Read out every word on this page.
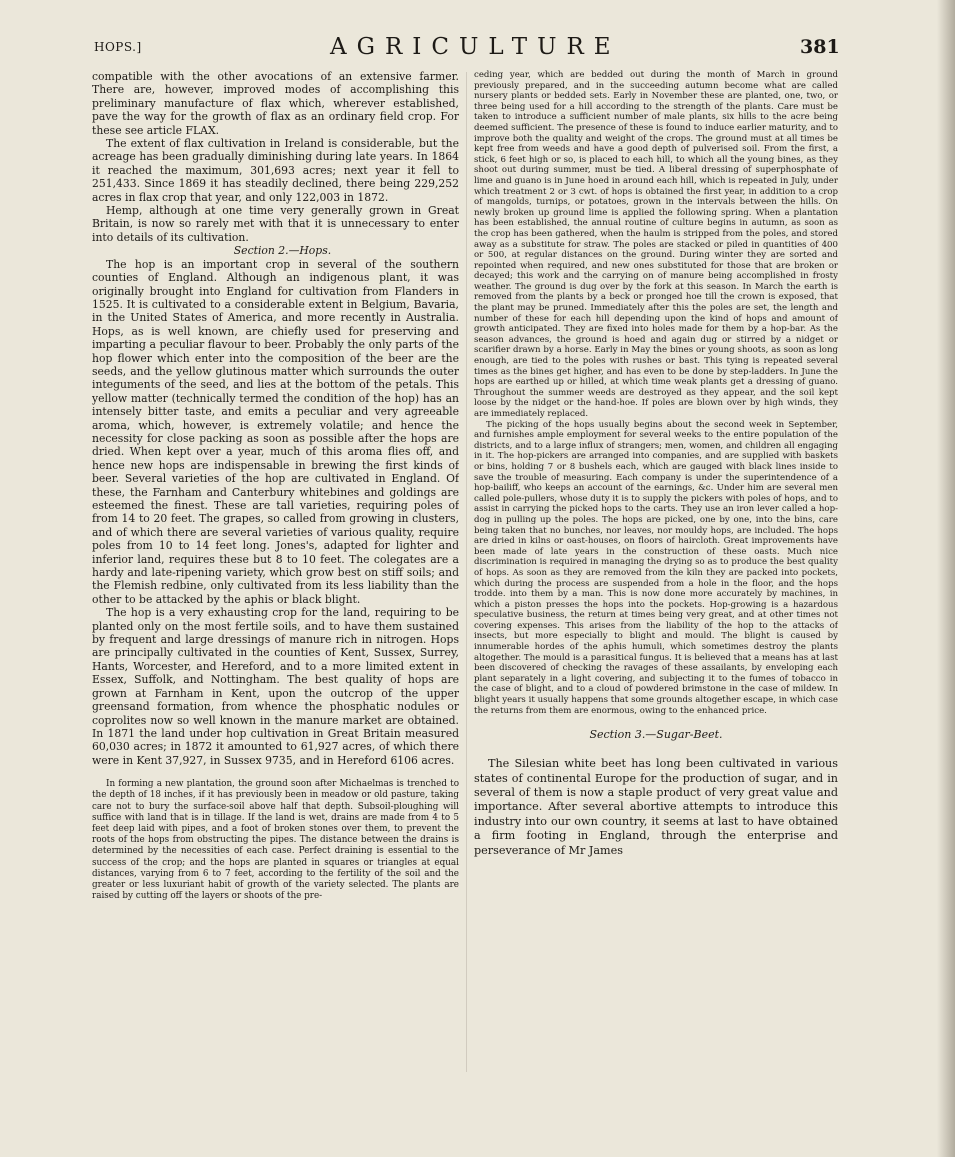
HOPS.]	AGRICULTURE	381

compatible with the other avocations of an extensive farmer. There are, however, improved modes of accomplishing this preliminary manufacture of flax which, wherever established, pave the way for the growth of flax as an ordinary field crop. For these see article FLAX.

The extent of flax cultivation in Ireland is considerable, but the acreage has been gradually diminishing during late years. In 1864 it reached the maximum, 301,693 acres; next year it fell to 251,433. Since 1869 it has steadily declined, there being 229,252 acres in flax crop that year, and only 122,003 in 1872.

Hemp, although at one time very generally grown in Great Britain, is now so rarely met with that it is unnecessary to enter into details of its cultivation.

Section 2.—Hops.

The hop is an important crop in several of the southern counties of England. Although an indigenous plant, it was originally brought into England for cultivation from Flanders in 1525. It is cultivated to a considerable extent in Belgium, Bavaria, in the United States of America, and more recently in Australia. Hops, as is well known, are chiefly used for preserving and imparting a peculiar flavour to beer. Probably the only parts of the hop flower which enter into the composition of the beer are the seeds, and the yellow glutinous matter which surrounds the outer integuments of the seed, and lies at the bottom of the petals. This yellow matter (technically termed the condition of the hop) has an intensely bitter taste, and emits a peculiar and very agreeable aroma, which, however, is extremely volatile; and hence the necessity for close packing as soon as possible after the hops are dried. When kept over a year, much of this aroma flies off, and hence new hops are indispensable in brewing the first kinds of beer. Several varieties of the hop are cultivated in England. Of these, the Farnham and Canterbury whitebines and goldings are esteemed the finest. These are tall varieties, requiring poles of from 14 to 20 feet. The grapes, so called from growing in clusters, and of which there are several varieties of various quality, require poles from 10 to 14 feet long. Jones's, adapted for lighter and inferior land, requires these but 8 to 10 feet. The colegates are a hardy and late-ripening variety, which grow best on stiff soils; and the Flemish redbine, only cultivated from its less liability than the other to be attacked by the aphis or black blight.

The hop is a very exhausting crop for the land, requiring to be planted only on the most fertile soils, and to have them sustained by frequent and large dressings of manure rich in nitrogen. Hops are principally cultivated in the counties of Kent, Sussex, Surrey, Hants, Worcester, and Hereford, and to a more limited extent in Essex, Suffolk, and Nottingham. The best quality of hops are grown at Farnham in Kent, upon the outcrop of the upper greensand formation, from whence the phosphatic nodules or coprolites now so well known in the manure market are obtained. In 1871 the land under hop cultivation in Great Britain measured 60,030 acres; in 1872 it amounted to 61,927 acres, of which there were in Kent 37,927, in Sussex 9735, and in Hereford 6106 acres.

In forming a new plantation, the ground soon after Michaelmas is trenched to the depth of 18 inches, if it has previously been in meadow or old pasture, taking care not to bury the surface-soil above half that depth. Subsoil-ploughing will suffice with land that is in tillage. If the land is wet, drains are made from 4 to 5 feet deep laid with pipes, and a foot of broken stones over them, to prevent the roots of the hops from obstructing the pipes. The distance between the drains is determined by the necessities of each case. Perfect draining is essential to the success of the crop; and the hops are planted in squares or triangles at equal distances, varying from 6 to 7 feet, according to the fertility of the soil and the greater or less luxuriant habit of growth of the variety selected. The plants are raised by cutting off the layers or shoots of the pre-

ceding year, which are bedded out during the month of March in ground previously prepared, and in the succeeding autumn become what are called nursery plants or bedded sets. Early in November these are planted, one, two, or three being used for a hill according to the strength of the plants. Care must be taken to introduce a sufficient number of male plants, six hills to the acre being deemed sufficient. The presence of these is found to induce earlier maturity, and to improve both the quality and weight of the crops. The ground must at all times be kept free from weeds and have a good depth of pulverised soil. From the first, a stick, 6 feet high or so, is placed to each hill, to which all the young bines, as they shoot out during summer, must be tied. A liberal dressing of superphosphate of lime and guano is in June hoed in around each hill, which is repeated in July, under which treatment 2 or 3 cwt. of hops is obtained the first year, in addition to a crop of mangolds, turnips, or potatoes, grown in the intervals between the hills. On newly broken up ground lime is applied the following spring. When a plantation has been established, the annual routine of culture begins in autumn, as soon as the crop has been gathered, when the haulm is stripped from the poles, and stored away as a substitute for straw. The poles are stacked or piled in quantities of 400 or 500, at regular distances on the ground. During winter they are sorted and repointed when required, and new ones substituted for those that are broken or decayed; this work and the carrying on of manure being accomplished in frosty weather. The ground is dug over by the fork at this season. In March the earth is removed from the plants by a beck or pronged hoe till the crown is exposed, that the plant may be pruned. Immediately after this the poles are set, the length and number of these for each hill depending upon the kind of hops and amount of growth anticipated. They are fixed into holes made for them by a hop-bar. As the season advances, the ground is hoed and again dug or stirred by a nidget or scarifier drawn by a horse. Early in May the bines or young shoots, as soon as long enough, are tied to the poles with rushes or bast. This tying is repeated several times as the bines get higher, and has even to be done by step-ladders. In June the hops are earthed up or hilled, at which time weak plants get a dressing of guano. Throughout the summer weeds are destroyed as they appear, and the soil kept loose by the nidget or the hand-hoe. If poles are blown over by high winds, they are immediately replaced.

The picking of the hops usually begins about the second week in September, and furnishes ample employment for several weeks to the entire population of the districts, and to a large influx of strangers; men, women, and children all engaging in it. The hop-pickers are arranged into companies, and are supplied with baskets or bins, holding 7 or 8 bushels each, which are gauged with black lines inside to save the trouble of measuring. Each company is under the superintendence of a hop-bailiff, who keeps an account of the earnings, &c. Under him are several men called pole-pullers, whose duty it is to supply the pickers with poles of hops, and to assist in carrying the picked hops to the carts. They use an iron lever called a hop-dog in pulling up the poles. The hops are picked, one by one, into the bins, care being taken that no bunches, nor leaves, nor mouldy hops, are included. The hops are dried in kilns or oast-houses, on floors of haircloth. Great improvements have been made of late years in the construction of these oasts. Much nice discrimination is required in managing the drying so as to produce the best quality of hops. As soon as they are removed from the kiln they are packed into pockets, which during the process are suspended from a hole in the floor, and the hops trodde. into them by a man. This is now done more accurately by machines, in which a piston presses the hops into the pockets. Hop-growing is a hazardous speculative business, the return at times being very great, and at other times not covering expenses. This arises from the liability of the hop to the attacks of insects, but more especially to blight and mould. The blight is caused by innumerable hordes of the aphis humuli, which sometimes destroy the plants altogether. The mould is a parasitical fungus. It is believed that a means has at last been discovered of checking the ravages of these assailants, by enveloping each plant separately in a light covering, and subjecting it to the fumes of tobacco in the case of blight, and to a cloud of powdered brimstone in the case of mildew. In blight years it usually happens that some grounds altogether escape, in which case the returns from them are enormous, owing to the enhanced price.

Section 3.—Sugar-Beet.

The Silesian white beet has long been cultivated in various states of continental Europe for the production of sugar, and in several of them is now a staple product of very great value and importance. After several abortive attempts to introduce this industry into our own country, it seems at last to have obtained a firm footing in England, through the enterprise and perseverance of Mr James
